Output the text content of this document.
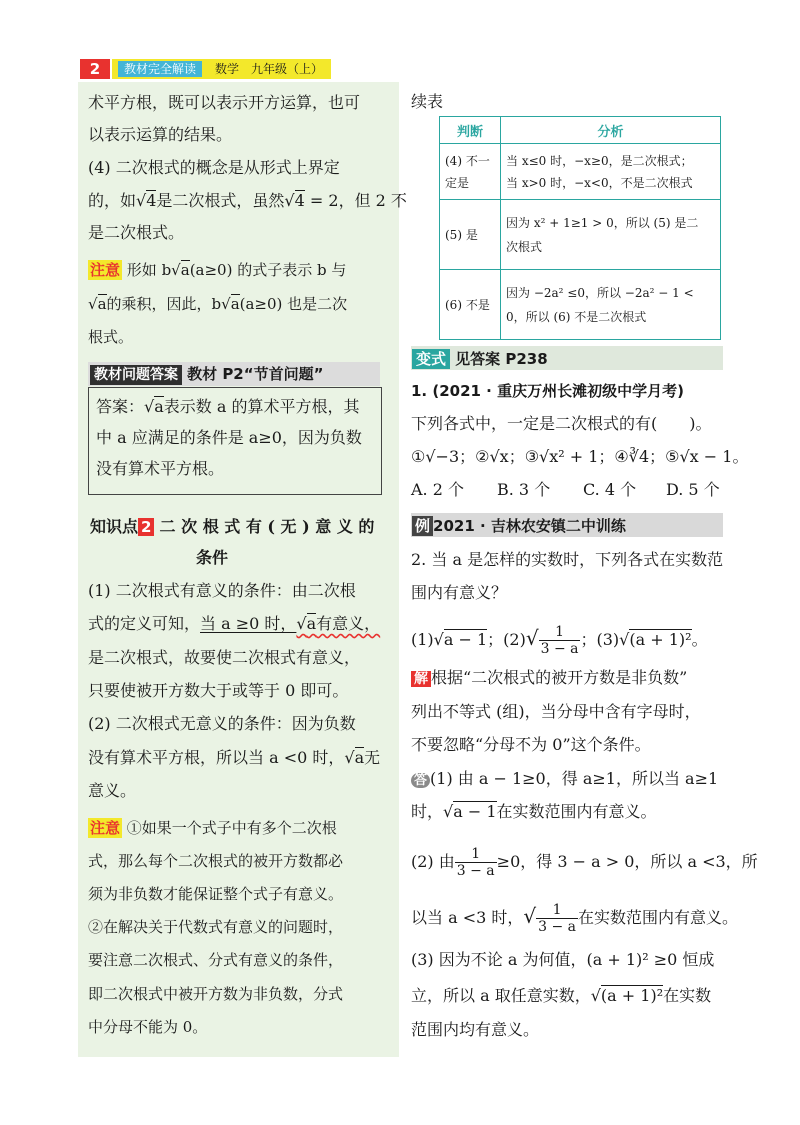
2	教材完全解读	数学　九年级（上）
术平方根，既可以表示开方运算，也可
以表示运算的结果。
(4) 二次根式的概念是从形式上界定
的，如√4是二次根式，虽然√4 = 2，但 2 不
是二次根式。
注意 形如 b√a(a≥0) 的式子表示 b 与
√a的乘积，因此，b√a(a≥0) 也是二次
根式。
教材问题答案 教材 P2“节首问题”
答案：√a表示数 a 的算术平方根，其
中 a 应满足的条件是 a≥0，因为负数
没有算术平方根。
知识点 2 二 次 根 式 有 ( 无 ) 意 义 的
条件
(1) 二次根式有意义的条件：由二次根
式的定义可知，当 a ≥0 时，√a有意义，
是二次根式，故要使二次根式有意义，
只要使被开方数大于或等于 0 即可。
(2) 二次根式无意义的条件：因为负数
没有算术平方根，所以当 a <0 时，√a无
意义。
注意 ①如果一个式子中有多个二次根
式，那么每个二次根式的被开方数都必
须为非负数才能保证整个式子有意义。
②在解决关于代数式有意义的问题时，
要注意二次根式、分式有意义的条件，
即二次根式中被开方数为非负数，分式
中分母不能为 0。
续表
判断	分析
(4) 不一定是	当 x≤0 时，−x≥0，是二次根式；
当 x>0 时，−x<0，不是二次根式

(5) 是	因为 x² + 1≥1 > 0，所以 (5) 是二
次根式

(6) 不是	因为 −2a² ≤0，所以 −2a² − 1 <
0，所以 (6) 不是二次根式
变式 见答案 P238
1. (2021 · 重庆万州长滩初级中学月考)
下列各式中，一定是二次根式的有(　　)。
①√−3；②√x；③√x² + 1；④∛4；⑤√x − 1。
A. 2 个 B. 3 个 C. 4 个 D. 5 个
例 2021 · 吉林农安镇二中训练
2. 当 a 是怎样的实数时，下列各式在实数范
围内有意义？
(1)√a − 1；$(2)√ \frac{1}{3 - a}$ ；(3)√(a + 1)²。
解 根据“二次根式的被开方数是非负数”
列出不等式 (组)，当分母中含有字母时，
不要忽略“分母不为 0”这个条件。
答 (1) 由 a − 1≥0，得 a≥1，所以当 a≥1
时，√a − 1在实数范围内有意义。
(2) 由 $\frac{1}{3 - a} \ge 0$，得 3 − a > 0，所以 a <3，所
以当 a <3 时，√ $\frac{1}{3 - a}$ 在实数范围内有意义。
(3) 因为不论 a 为何值，(a + 1)² ≥0 恒成
立，所以 a 取任意实数，√(a + 1)²在实数
范围内均有意义。
